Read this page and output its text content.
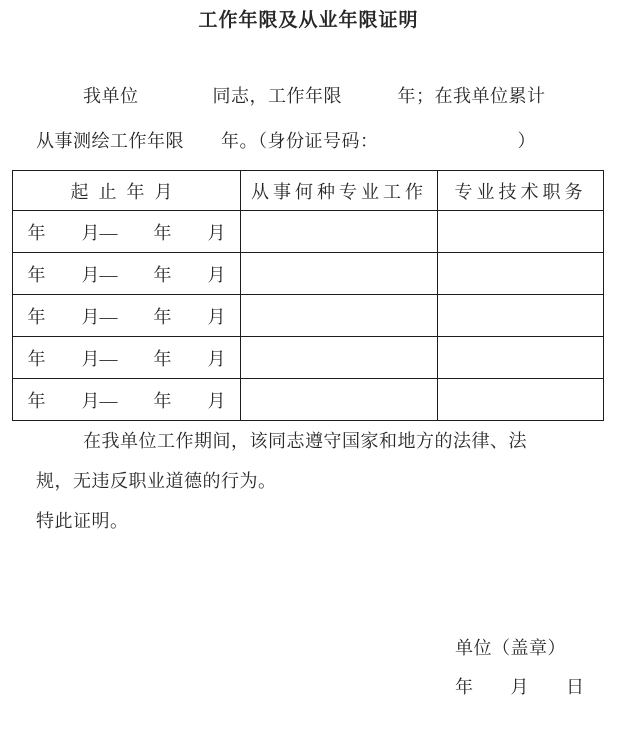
工作年限及从业年限证明
我单位　　　　同志，工作年限　　　年；在我单位累计
从事测绘工作年限　　年。（身份证号码：　　　　　　　　）
起止年月	从事何种专业工作	专业技术职务
年　　月—　　年　　月		
年　　月—　　年　　月		
年　　月—　　年　　月		
年　　月—　　年　　月		
年　　月—　　年　　月		
在我单位工作期间，该同志遵守国家和地方的法律、法
规，无违反职业道德的行为。
特此证明。
单位（盖章）
年　　月　　日
